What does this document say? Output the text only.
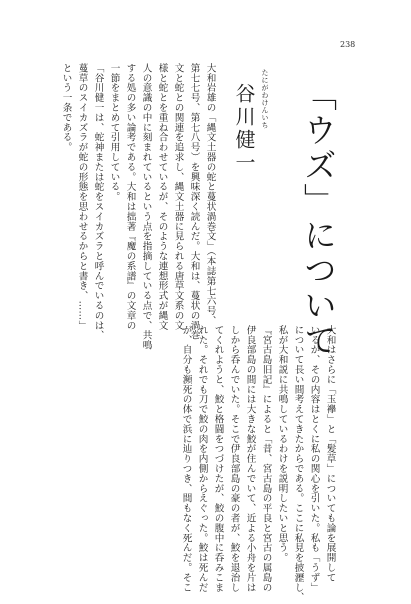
238
「ウズ」について
たにがわけんいち
谷川健一
大和岩雄の「縄文土器の蛇と蔓状渦巻文」（本誌第七六号、
第七七号、第七八号）を興味深く読んだ。大和は、蔓状の渦巻
文と蛇との関連を追求し、縄文土器に見られる唐草文系の文
様と蛇とを重ね合わせているが、そのような連想形式が縄文
人の意識の中に刻まれているという点を指摘している点で、共鳴
する処の多い論考である。大和は拙著『魔の系譜』の文章の
一節をまとめて引用している。
「谷川健一は、蛇神または蛇をスイカズラと呼んでいるのは、
蔓草のスイカズラが蛇の形態を思わせるからと書き、……」
という一条である。
大和はさらに「玉襷」と「髪草」についても論を展開して
いるが、その内容はとくに私の関心を引いた。私も「うず」
について長い間考えてきたからである。ここに私見を披瀝し、
私が大和説に共鳴しているわけを説明したいと思う。
『宮古島旧記』によると「昔、宮古島の平良と宮古の属島の
伊良部島の間には大きな鮫が住んでいて、近よる小舟を片は
しから呑んでいた。そこで伊良部島の豪の者が、鮫を退治し
てくれようと、鮫と格闘をつづけたが、鮫の腹中に呑みこま
れた。それでも刀で鮫の肉を内側からえぐった。鮫は死んだ
が、自分も瀕死の体で浜に辿りつき、間もなく死んだ。そこ
